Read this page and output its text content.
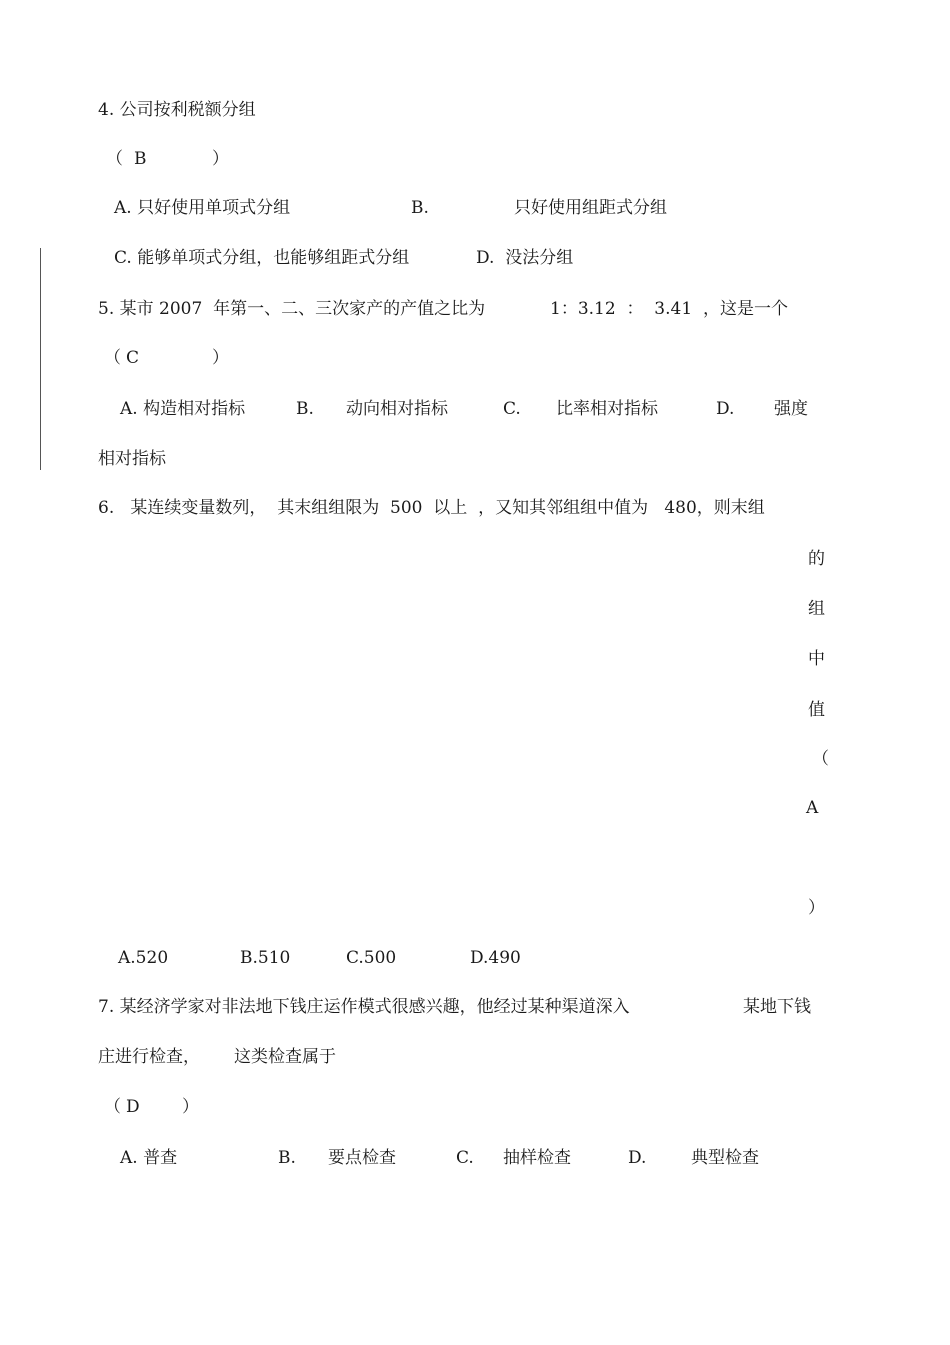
4. 公司按利税额分组
（ B	）
A. 只好使用单项式分组	B.	只好使用组距式分组
C. 能够单项式分组，也能够组距式分组	D.  没法分组
5. 某市 2007  年第一、二、三次家产的产值之比为	1：3.12  ：  3.41  ，这是一个
（ C	）
A. 构造相对指标	B. 动向相对指标	C. 比率相对指标	D. 强度
相对指标
6.   某连续变量数列，  其末组组限为  500  以上  ，又知其邻组组中值为   480，则末组
的
组
中
值
（
A
）
A.520	B.510	C.500	D.490
7. 某经济学家对非法地下钱庄运作模式很感兴趣，他经过某种渠道深入	某地下钱
庄进行检查， 这类检查属于
（ D ）
A. 普查	B. 要点检查	C. 抽样检查	D.	典型检查
